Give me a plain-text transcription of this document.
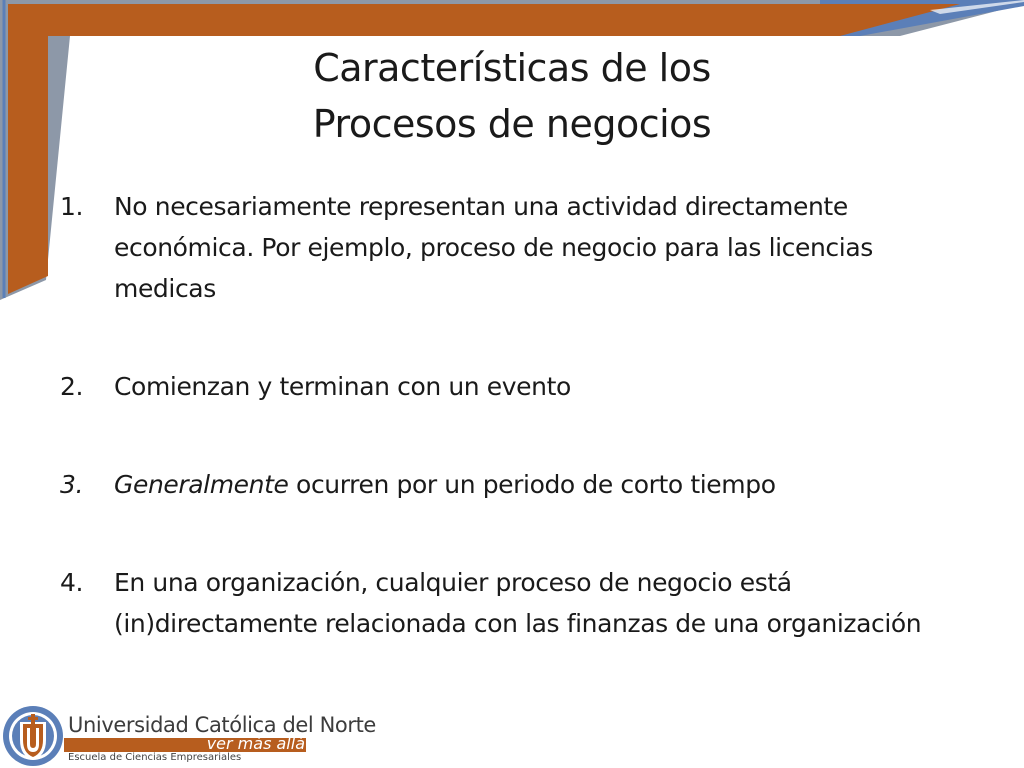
Características de los
Procesos de negocios
1.	No necesariamente representan una actividad directamente económica. Por ejemplo, proceso de negocio para las licencias medicas
2.	Comienzan y terminan con un evento
3.	Generalmente ocurren por un periodo de corto tiempo
4.	En una organización, cualquier proceso de negocio está (in)directamente relacionada con las finanzas de una organización
Universidad Católica del Norte
ver más allá
Escuela de Ciencias Empresariales
